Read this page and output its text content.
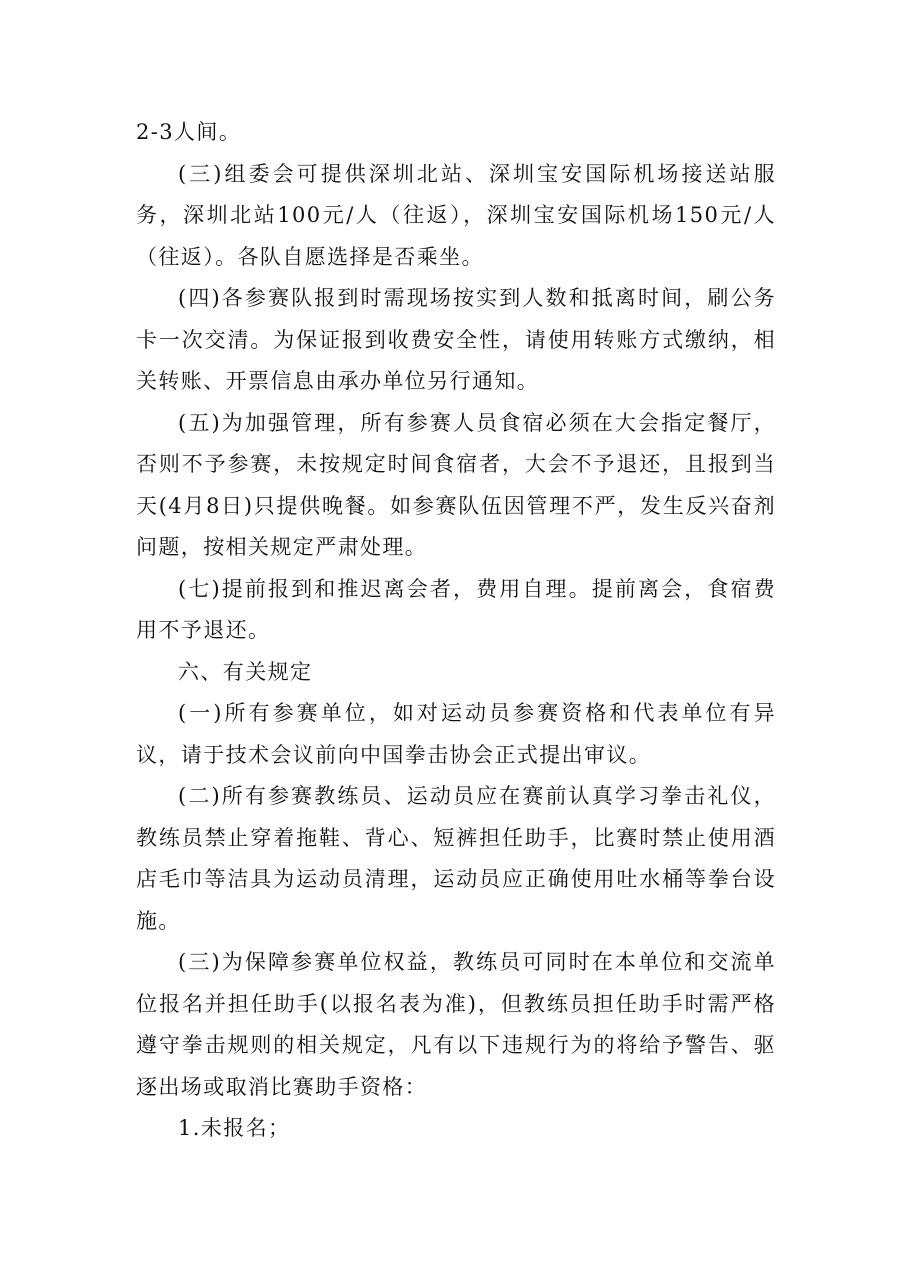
2-3人间。

(三)组委会可提供深圳北站、深圳宝安国际机场接送站服务，深圳北站100元/人（往返），深圳宝安国际机场150元/人（往返）。各队自愿选择是否乘坐。

(四)各参赛队报到时需现场按实到人数和抵离时间，刷公务卡一次交清。为保证报到收费安全性，请使用转账方式缴纳，相关转账、开票信息由承办单位另行通知。

(五)为加强管理，所有参赛人员食宿必须在大会指定餐厅，否则不予参赛，未按规定时间食宿者，大会不予退还，且报到当天(4月8日)只提供晚餐。如参赛队伍因管理不严，发生反兴奋剂问题，按相关规定严肃处理。

(七)提前报到和推迟离会者，费用自理。提前离会，食宿费用不予退还。

六、有关规定

(一)所有参赛单位，如对运动员参赛资格和代表单位有异议，请于技术会议前向中国拳击协会正式提出审议。

(二)所有参赛教练员、运动员应在赛前认真学习拳击礼仪，教练员禁止穿着拖鞋、背心、短裤担任助手，比赛时禁止使用酒店毛巾等洁具为运动员清理，运动员应正确使用吐水桶等拳台设施。

(三)为保障参赛单位权益，教练员可同时在本单位和交流单位报名并担任助手(以报名表为准)，但教练员担任助手时需严格遵守拳击规则的相关规定，凡有以下违规行为的将给予警告、驱逐出场或取消比赛助手资格：

1.未报名；
